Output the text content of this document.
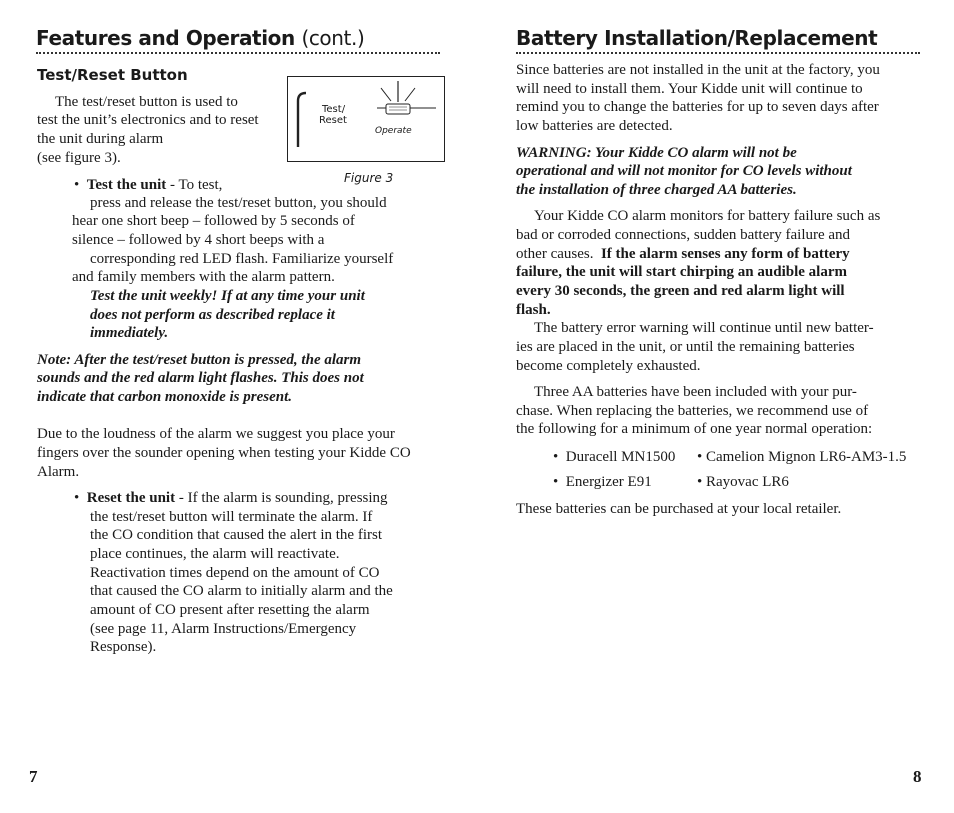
Features and Operation (cont.)
Test/Reset Button
The test/reset button is used to
test the unit’s electronics and to reset
the unit during alarm
(see figure 3).
Test/
Reset
Operate
Figure 3
•  Test the unit - To test,
press and release the test/reset button, you should
hear one short beep – followed by 5 seconds of
silence – followed by 4 short beeps with a
corresponding red LED flash. Familiarize yourself
and family members with the alarm pattern.
Test the unit weekly! If at any time your unit
does not perform as described replace it
immediately.
Note: After the test/reset button is pressed, the alarm
sounds and the red alarm light flashes. This does not
indicate that carbon monoxide is present.
Due to the loudness of the alarm we suggest you place your
fingers over the sounder opening when testing your Kidde CO
Alarm.
•  Reset the unit - If the alarm is sounding, pressing
the test/reset button will terminate the alarm. If
the CO condition that caused the alert in the first
place continues, the alarm will reactivate.
Reactivation times depend on the amount of CO
that caused the CO alarm to initially alarm and the
amount of CO present after resetting the alarm
(see page 11, Alarm Instructions/Emergency
Response).
7
Battery Installation/Replacement
Since batteries are not installed in the unit at the factory, you
will need to install them. Your Kidde unit will continue to
remind you to change the batteries for up to seven days after
low batteries are detected.
WARNING: Your Kidde CO alarm will not be
operational and will not monitor for CO levels without
the installation of three charged AA batteries.
Your Kidde CO alarm monitors for battery failure such as
bad or corroded connections, sudden battery failure and
other causes.  If the alarm senses any form of battery
failure, the unit will start chirping an audible alarm
every 30 seconds, the green and red alarm light will
flash.
The battery error warning will continue until new batter-
ies are placed in the unit, or until the remaining batteries
become completely exhausted.
Three AA batteries have been included with your pur-
chase. When replacing the batteries, we recommend use of
the following for a minimum of one year normal operation:
•  Duracell MN1500 • Camelion Mignon LR6-AM3-1.5
•  Energizer E91	• Rayovac LR6
These batteries can be purchased at your local retailer.
8
